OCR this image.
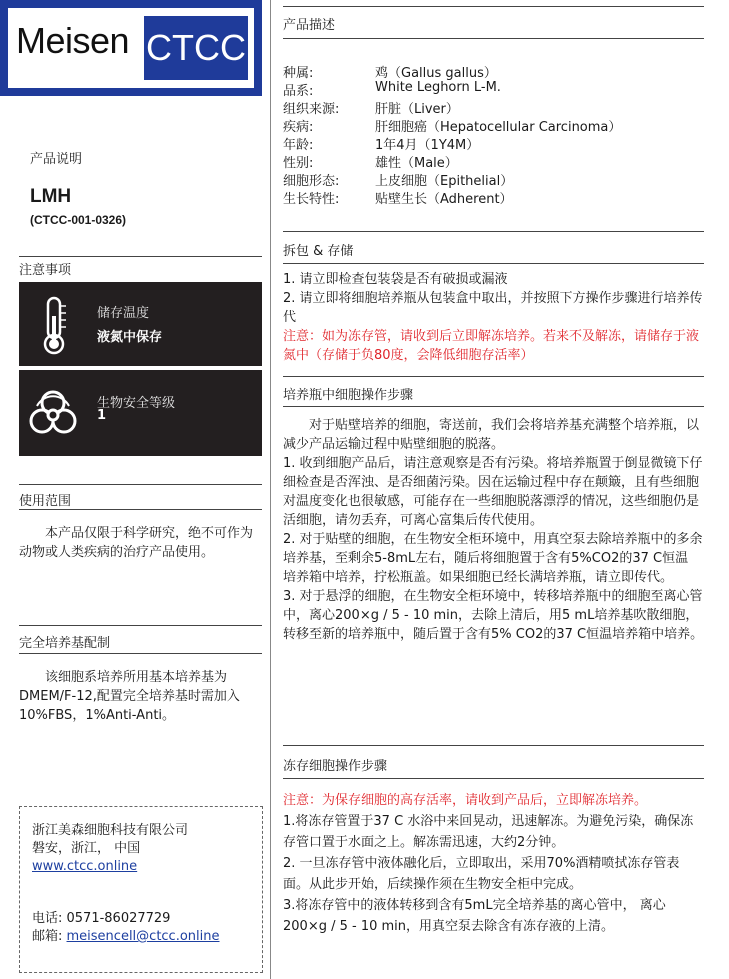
Meisen CTCC
产品说明
LMH
(CTCC-001-0326)
注意事项
储存温度
液氮中保存
生物安全等级
1
使用范围

本产品仅限于科学研究，绝不可作为动物或人类疾病的治疗产品使用。

完全培养基配制

该细胞系培养所用基本培养基为DMEM/F-12,配置完全培养基时需加入10%FBS，1%Anti-Anti。

浙江美森细胞科技有限公司
磐安，浙江， 中国
www.ctcc.online
电话: 0571-86027729
邮箱: meisencell@ctcc.online
产品描述
种属:	鸡（Gallus gallus）
品系:	White Leghorn L-M.
组织来源:	肝脏（Liver）
疾病:	肝细胞癌（Hepatocellular Carcinoma）
年龄:	1年4月（1Y4M）
性别:	雄性（Male）
细胞形态:	上皮细胞（Epithelial）
生长特性:	贴壁生长（Adherent）
拆包 & 存储

1. 请立即检查包装袋是否有破损或漏液

2. 请立即将细胞培养瓶从包装盒中取出，并按照下方操作步骤进行培养传代

注意：如为冻存管，请收到后立即解冻培养。若来不及解冻，请储存于液氮中（存储于负80度，会降低细胞存活率）

培养瓶中细胞操作步骤

对于贴壁培养的细胞，寄送前，我们会将培养基充满整个培养瓶，以减少产品运输过程中贴壁细胞的脱落。

1. 收到细胞产品后，请注意观察是否有污染。将培养瓶置于倒显微镜下仔细检查是否浑浊、是否细菌污染。因在运输过程中存在颠簸，且有些细胞对温度变化也很敏感，可能存在一些细胞脱落漂浮的情况，这些细胞仍是活细胞，请勿丢弃，可离心富集后传代使用。

2. 对于贴壁的细胞，在生物安全柜环境中，用真空泵去除培养瓶中的多余培养基，至剩余5-8mL左右，随后将细胞置于含有5%CO2的37 C恒温 培养箱中培养，拧松瓶盖。如果细胞已经长满培养瓶，请立即传代。

3. 对于悬浮的细胞，在生物安全柜环境中，转移培养瓶中的细胞至离心管中，离心200×g / 5 - 10 min，去除上清后，用5 mL培养基吹散细胞，转移至新的培养瓶中，随后置于含有5% CO2的37 C恒温培养箱中培养。

冻存细胞操作步骤

注意：为保存细胞的高存活率，请收到产品后，立即解冻培养。

1.将冻存管置于37 C 水浴中来回晃动，迅速解冻。为避免污染，确保冻存管口置于水面之上。解冻需迅速，大约2分钟。

2. 一旦冻存管中液体融化后，立即取出，采用70%酒精喷拭冻存管表面。从此步开始，后续操作须在生物安全柜中完成。

3.将冻存管中的液体转移到含有5mL完全培养基的离心管中， 离心200×g / 5 - 10 min，用真空泵去除含有冻存液的上清。
